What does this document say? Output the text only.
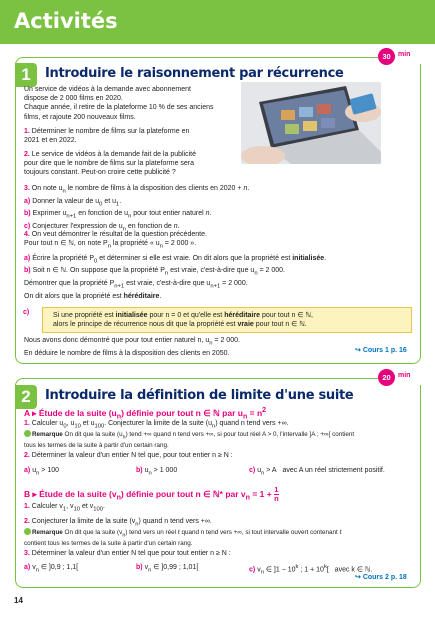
Activités
30	min
1	Introduire le raisonnement par récurrence
Un service de vidéos à la demande avec abonnement
dispose de 2 000 films en 2020.
Chaque année, il retire de la plateforme 10 % de ses anciens
films, et rajoute 200 nouveaux films.
1. Déterminer le nombre de films sur la plateforme en
2021 et en 2022.
2. Le service de vidéos à la demande fait de la publicité
pour dire que le nombre de films sur la plateforme sera
toujours constant. Peut-on croire cette publicité ?
3. On note $u_n$ le nombre de films à la disposition des clients en 2020 + n.
a) Donner la valeur de $u_0$ et $u_1$.
b) Exprimer $u_{n+1}$ en fonction de $u_n$ pour tout entier naturel n.
c) Conjecturer l'expression de $u_n$ en fonction de n.
4. On veut démontrer le résultat de la question précédente.
Pour tout n ∈ ℕ, on note $P_n$ la propriété « $u_n = 2$ 000 ».
a) Écrire la propriété $P_0$ et déterminer si elle est vraie. On dit alors que la propriété est initialisée.
b) Soit n ∈ ℕ. On suppose que la propriété $P_n$ est vraie, c'est-à-dire que $u_n = 2$ 000.
Démontrer que la propriété $P_{n+1}$ est vraie, c'est-à-dire que $u_{n+1} = 2$ 000.
On dit alors que la propriété est héréditaire.
c)	Si une propriété est initialisée pour n = 0 et qu'elle est héréditaire pour tout n ∈ ℕ,
alors le principe de récurrence nous dit que la propriété est vraie pour tout n ∈ ℕ.
Nous avons donc démontré que pour tout entier naturel n, $u_n = 2$ 000.
En déduire le nombre de films à la disposition des clients en 2050.	↪ Cours 1 p. 16
20	min
2	Introduire la définition de limite d'une suite
A ▸ Étude de la suite $(u_n)$ définie pour tout n ∈ ℕ par $u_n = n^2$
1. Calculer $u_0$, $u_{10}$ et $u_{100}$. Conjecturer la limite de la suite $(u_n)$ quand n tend vers +∞.
Remarque On dit que la suite $(u_n)$ tend +∞ quand n tend vers +∞, si pour tout réel A > 0, l'intervalle ]A ; +∞[ contient
tous les termes de la suite à partir d'un certain rang.
2. Déterminer la valeur d'un entier N tel que, pour tout entier n ≥ N :
a) $u_n > 100$	b) $u_n > 1$ 000	c) $u_n > A$ avec A un réel strictement positif.
B ▸ Étude de la suite $(v_n)$ définie pour tout n ∈ ℕ* par $v_n = 1 + \frac{1}{n}$
1. Calculer $v_1$, $v_{10}$ et $v_{100}$.
2. Conjecturer la limite de la suite $(v_n)$ quand n tend vers +∞.
Remarque On dit que la suite $(v_n)$ tend vers un réel ℓ quand n tend vers +∞, si tout intervalle ouvert contenant ℓ
contient tous les termes de la suite à partir d'un certain rang.
3. Déterminer la valeur d'un entier N tel que pour tout entier n ≥ N :
a) $v_n$ ∈ ]0,9 ; 1,1[	b) $v_n$ ∈ ]0,99 ; 1,01[	c) $v_n$ ∈ ]$1 - 10^k$ ; $1 + 10^k$[ avec k ∈ ℕ.
↪ Cours 2 p. 18
14
